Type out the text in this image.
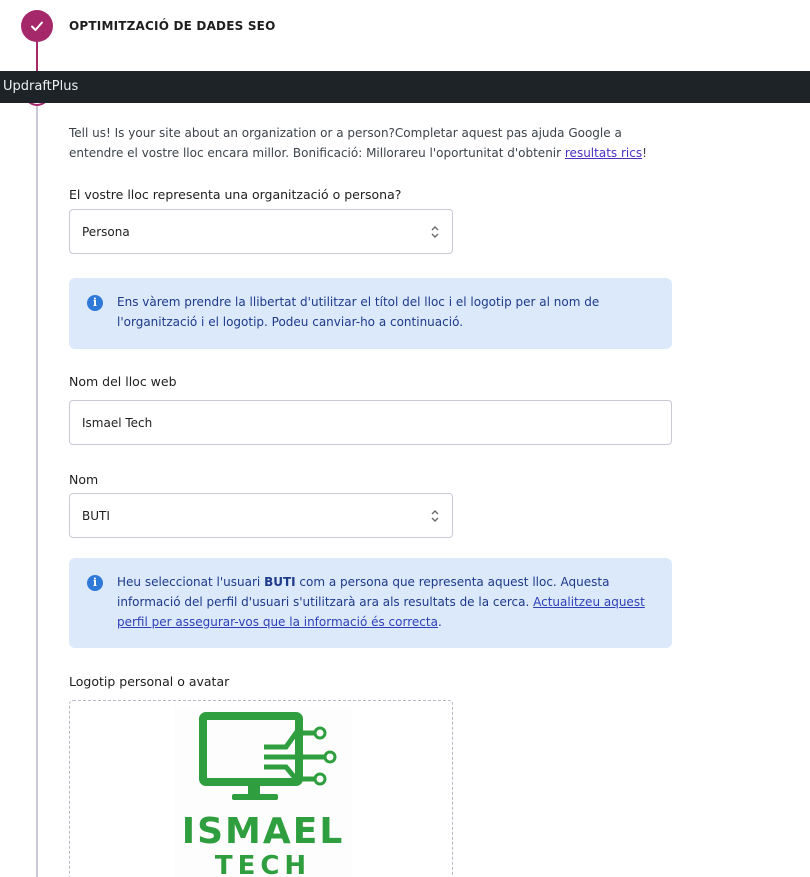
OPTIMITZACIÓ DE DADES SEO
UpdraftPlus

Tell us! Is your site about an organization or a person?Completar aquest pas ajuda Google a entendre el vostre lloc encara millor. Bonificació: Millorareu l'oportunitat d'obtenir resultats rics!

El vostre lloc representa una organització o persona?
Persona
i	Ens vàrem prendre la llibertat d'utilitzar el títol del lloc i el logotip per al nom de l'organització i el logotip. Podeu canviar-ho a continuació.
Nom del lloc web
Ismael Tech
Nom
BUTI
i	Heu seleccionat l'usuari BUTI com a persona que representa aquest lloc. Aquesta informació del perfil d'usuari s'utilitzarà ara als resultats de la cerca. Actualitzeu aquest perfil per assegurar-vos que la informació és correcta.
Logotip personal o avatar
ISMAEL
TECH
